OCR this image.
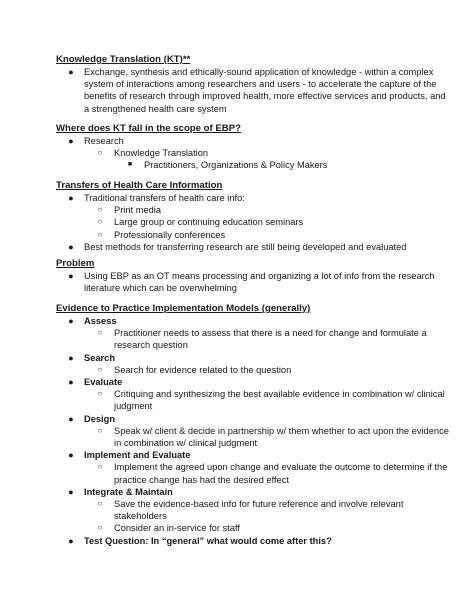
Knowledge Translation (KT)**
● Exchange, synthesis and ethically-sound application of knowledge - within a complex
system of interactions among researchers and users - to accelerate the capture of the
benefits of research through improved health, more effective services and products, and
a strengthened health care system
Where does KT fall in the scope of EBP?
● Research
○ Knowledge Translation
■	Practitioners, Organizations & Policy Makers
Transfers of Health Care Information
● Traditional transfers of health care info:
○ Print media
○ Large group or continuing education seminars
○ Professionally conferences
● Best methods for transferring research are still being developed and evaluated
Problem
● Using EBP as an OT means processing and organizing a lot of info from the research
literature which can be overwhelming
Evidence to Practice Implementation Models (generally)
● Assess
○ Practitioner needs to assess that there is a need for change and formulate a
research question
● Search
○ Search for evidence related to the question
● Evaluate
○ Critiquing and synthesizing the best available evidence in combination w/ clinical
judgment
● Design
○ Speak w/ client & decide in partnership w/ them whether to act upon the evidence
in combination w/ clinical judgment
● Implement and Evaluate
○ Implement the agreed upon change and evaluate the outcome to determine if the
practice change has had the desired effect
● Integrate & Maintain
○ Save the evidence-based info for future reference and involve relevant
stakeholders
○ Consider an in-service for staff
● Test Question: In “general” what would come after this?
